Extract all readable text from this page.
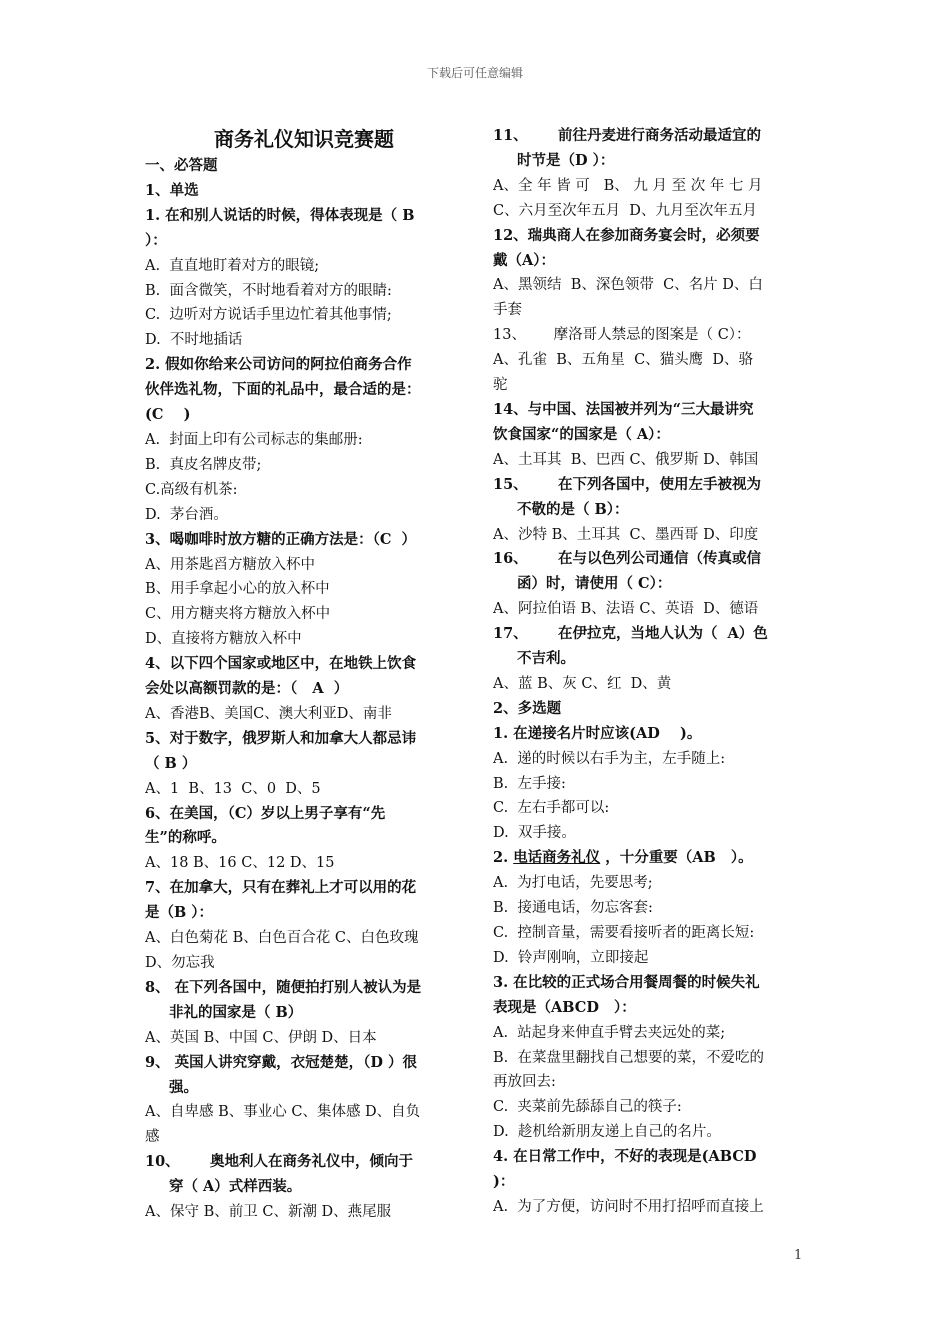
下载后可任意编辑
商务礼仪知识竞赛题
一、必答题
1、单选
1. 在和别人说话的时候，得体表现是（ B
）：
A.  直直地盯着对方的眼镜;
B.  面含微笑，不时地看着对方的眼睛:
C.  边听对方说话手里边忙着其他事情;
D.  不时地插话
2. 假如你给来公司访问的阿拉伯商务合作
伙伴选礼物，下面的礼品中，最合适的是：
(C    )
A.  封面上印有公司标志的集邮册:
B.  真皮名牌皮带;
C.高级有机茶:
D.  茅台酒。
3、喝咖啡时放方糖的正确方法是：（C  ）
A、用茶匙舀方糖放入杯中
B、用手拿起小心的放入杯中
C、用方糖夹将方糖放入杯中
D、直接将方糖放入杯中
4、以下四个国家或地区中，在地铁上饮食
会处以高额罚款的是：（   A  ）
A、香港B、美国C、澳大利亚D、南非
5、对于数字，俄罗斯人和加拿大人都忌讳
（ B ）
A、1  B、13  C、0  D、5
6、在美国，（C）岁以上男子享有“先
生”的称呼。
A、18 B、16 C、12 D、15
7、在加拿大，只有在葬礼上才可以用的花
是（B ）：
A、白色菊花 B、白色百合花 C、白色玫瑰
D、勿忘我
8、 在下列各国中，随便拍打别人被认为是
非礼的国家是（ B）
A、英国 B、中国 C、伊朗 D、日本
9、 英国人讲究穿戴，衣冠楚楚，（D ）很
强。
A、自卑感 B、事业心 C、集体感 D、自负
感
10、      奥地利人在商务礼仪中，倾向于
穿（ A）式样西装。
A、保守 B、前卫 C、新潮 D、燕尾服
11、      前往丹麦进行商务活动最适宜的
时节是（D ）：
A、全 年 皆 可   B、 九 月 至 次 年 七 月
C、六月至次年五月  D、九月至次年五月
12、瑞典商人在参加商务宴会时，必须要
戴（A）：
A、黑领结  B、深色领带  C、名片 D、白
手套
13、      摩洛哥人禁忌的图案是（ C）：
A、孔雀  B、五角星  C、猫头鹰  D、骆
驼
14、与中国、法国被并列为“三大最讲究
饮食国家“的国家是（ A）：
A、土耳其  B、巴西 C、俄罗斯 D、韩国
15、      在下列各国中，使用左手被视为
不敬的是（ B）：
A、沙特 B、土耳其  C、墨西哥 D、印度
16、      在与以色列公司通信（传真或信
函）时，请使用（ C）：
A、阿拉伯语 B、法语 C、英语  D、德语
17、      在伊拉克，当地人认为（  A）色
不吉利。
A、蓝 B、灰 C、红  D、黄
2、多选题
1. 在递接名片时应该(AD    )。
A.  递的时候以右手为主，左手随上:
B.  左手接:
C.  左右手都可以:
D.  双手接。
2. 电话商务礼仪 ，十分重要（AB   ）。
A.  为打电话，先要思考;
B.  接通电话，勿忘客套:
C.  控制音量，需要看接听者的距离长短:
D.  铃声刚响，立即接起
3. 在比较的正式场合用餐周餐的时候失礼
表现是（ABCD   ）：
A.  站起身来伸直手臂去夹远处的菜;
B.  在菜盘里翻找自己想要的菜，不爱吃的
再放回去:
C.  夹菜前先舔舔自己的筷子:
D.  趁机给新朋友递上自己的名片。
4. 在日常工作中，不好的表现是(ABCD
)：
A.  为了方便，访问时不用打招呼而直接上
1
